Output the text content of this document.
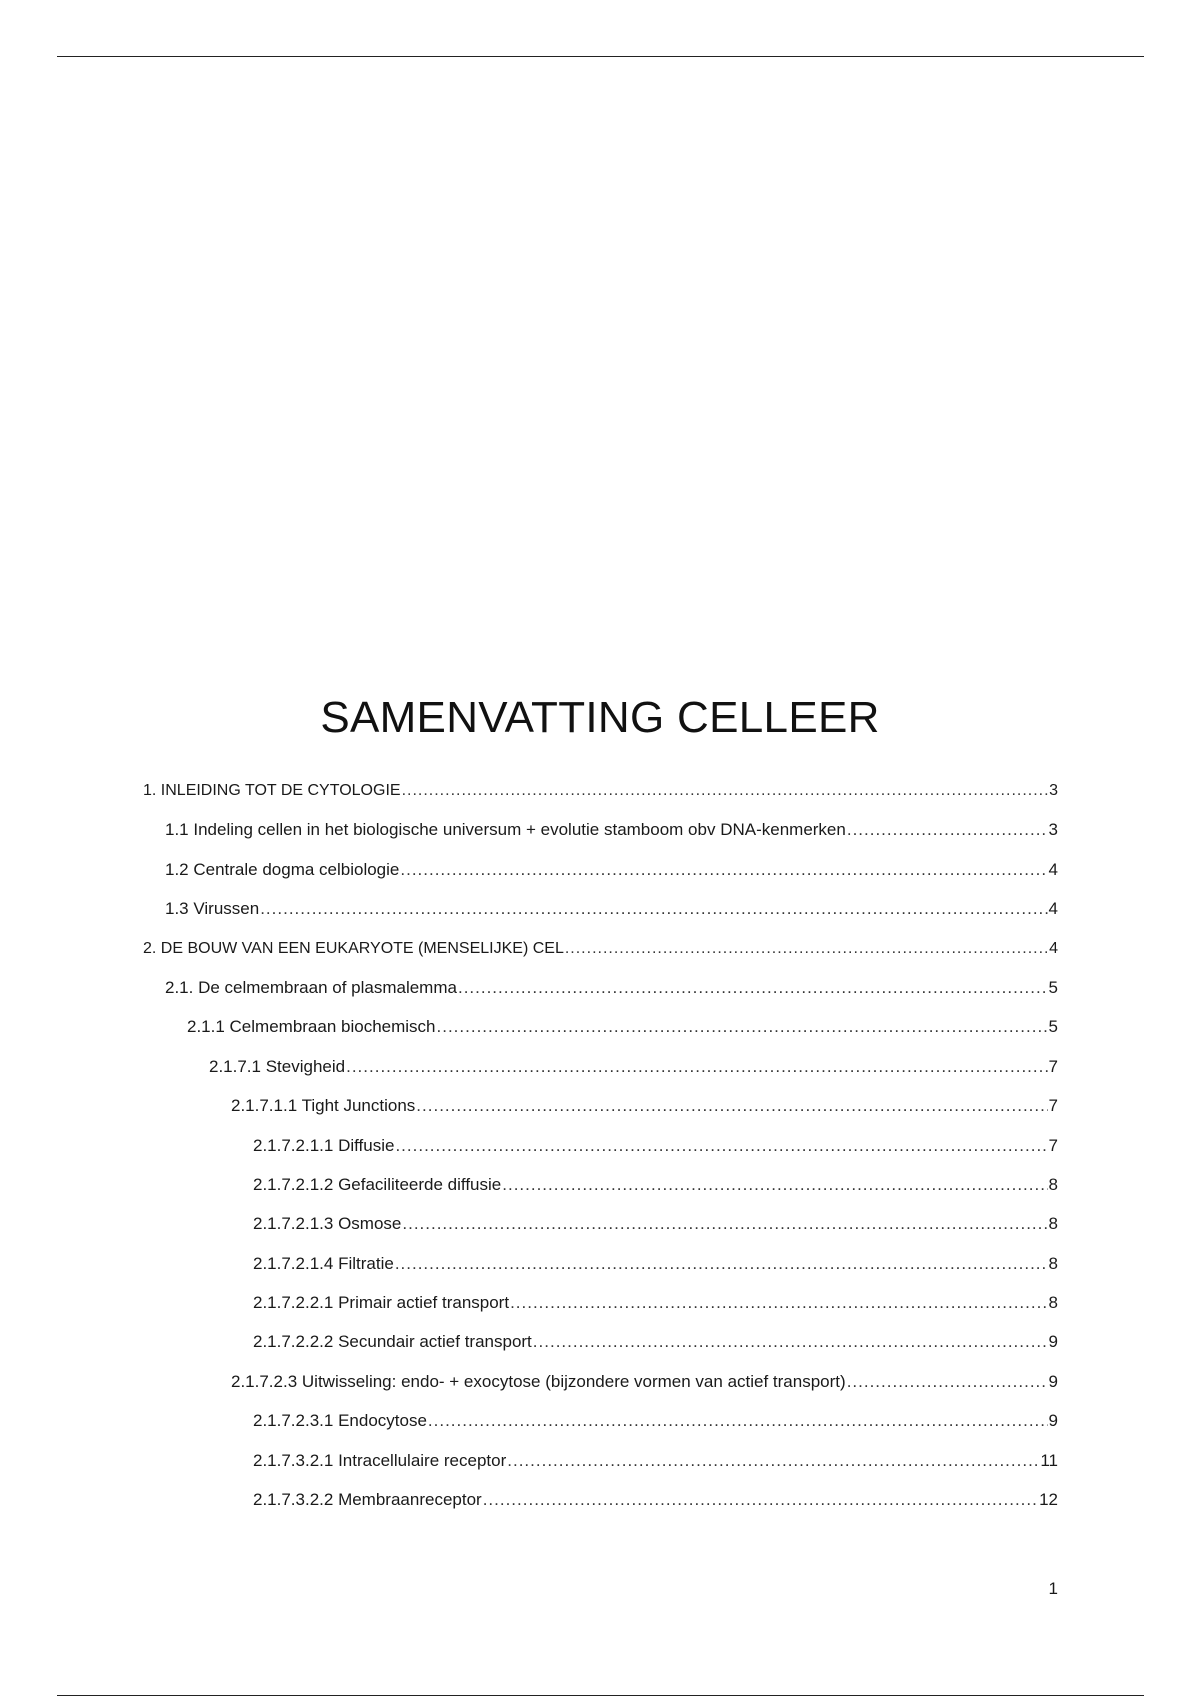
SAMENVATTING CELLEER
1. INLEIDING TOT DE CYTOLOGIE .....	3
1.1 Indeling cellen in het biologische universum + evolutie stamboom obv DNA-kenmerken .....	3
1.2 Centrale dogma celbiologie .....	4
1.3 Virussen .....	4
2. DE BOUW VAN EEN EUKARYOTE (MENSELIJKE) CEL .....	4
2.1. De celmembraan of plasmalemma .....	5
2.1.1 Celmembraan biochemisch .....	5
2.1.7.1 Stevigheid .....	7
2.1.7.1.1 Tight Junctions .....	7
2.1.7.2.1.1 Diffusie .....	7
2.1.7.2.1.2 Gefaciliteerde diffusie .....	8
2.1.7.2.1.3 Osmose .....	8
2.1.7.2.1.4 Filtratie .....	8
2.1.7.2.2.1 Primair actief transport .....	8
2.1.7.2.2.2 Secundair actief transport .....	9
2.1.7.2.3 Uitwisseling: endo- + exocytose (bijzondere vormen van actief transport) .....	9
2.1.7.2.3.1 Endocytose .....	9
2.1.7.3.2.1 Intracellulaire receptor .....	11
2.1.7.3.2.2 Membraanreceptor .....	12
1
